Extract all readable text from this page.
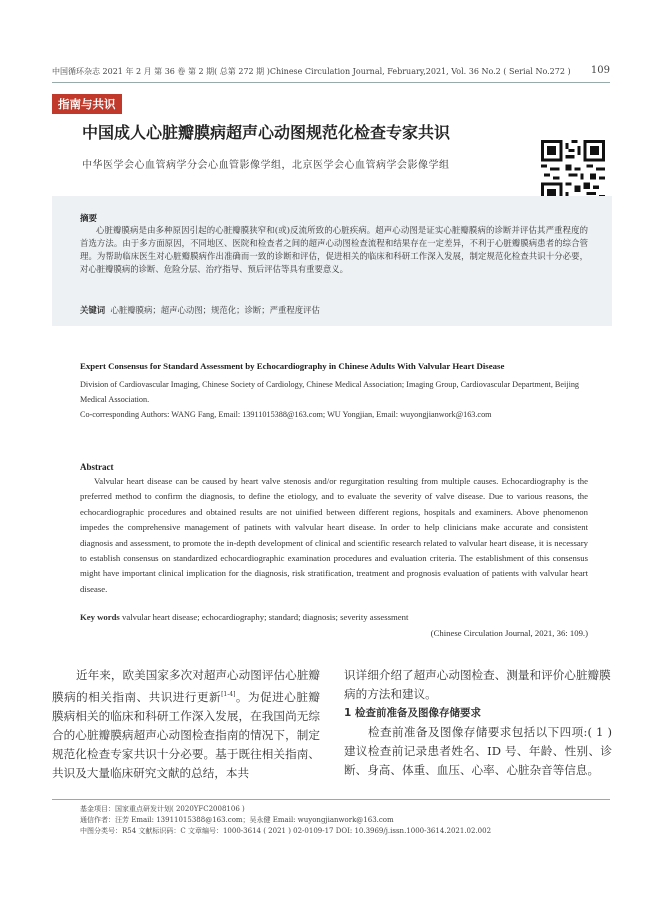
中国循环杂志 2021 年 2 月 第 36 卷 第 2 期( 总第 272 期 )Chinese Circulation Journal, February,2021, Vol. 36 No.2 ( Serial No.272 )	109
指南与共识
中国成人心脏瓣膜病超声心动图规范化检查专家共识
中华医学会心血管病学分会心血管影像学组，北京医学会心血管病学会影像学组
摘要
心脏瓣膜病是由多种原因引起的心脏瓣膜狭窄和(或)反流所致的心脏疾病。超声心动图是证实心脏瓣膜病的诊断并评估其严重程度的首选方法。由于多方面原因，不同地区、医院和检查者之间的超声心动图检查流程和结果存在一定差异，不利于心脏瓣膜病患者的综合管理。为帮助临床医生对心脏瓣膜病作出准确而一致的诊断和评估，促进相关的临床和科研工作深入发展，制定规范化检查共识十分必要，对心脏瓣膜病的诊断、危险分层、治疗指导、预后评估等具有重要意义。
关键词 心脏瓣膜病；超声心动图；规范化；诊断；严重程度评估
Expert Consensus for Standard Assessment by Echocardiography in Chinese Adults With Valvular Heart Disease
Division of Cardiovascular Imaging, Chinese Society of Cardiology, Chinese Medical Association; Imaging Group, Cardiovascular Department, Beijing Medical Association.
Co-corresponding Authors: WANG Fang, Email: 13911015388@163.com; WU Yongjian, Email: wuyongjianwork@163.com
Abstract
Valvular heart disease can be caused by heart valve stenosis and/or regurgitation resulting from multiple causes. Echocardiography is the preferred method to confirm the diagnosis, to define the etiology, and to evaluate the severity of valve disease. Due to various reasons, the echocardiographic procedures and obtained results are not uinified between different regions, hospitals and examiners. Above phenomenon impedes the comprehensive management of patinets with valvular heart disease. In order to help clinicians make accurate and consistent diagnosis and assessment, to promote the in-depth development of clinical and scientific research related to valvular heart disease, it is necessary to establish consensus on standardized echocardiographic examination procedures and evaluation criteria. The establishment of this consensus might have important clinical implication for the diagnosis, risk stratification, treatment and prognosis evaluation of patients with valvular heart disease.
Key words valvular heart disease; echocardiography; standard; diagnosis; severity assessment
(Chinese Circulation Journal, 2021, 36: 109.)
近年来，欧美国家多次对超声心动图评估心脏瓣膜病的相关指南、共识进行更新[1-4]。为促进心脏瓣膜病相关的临床和科研工作深入发展，在我国尚无综合的心脏瓣膜病超声心动图检查指南的情况下，制定规范化检查专家共识十分必要。基于既往相关指南、共识及大量临床研究文献的总结，本共
识详细介绍了超声心动图检查、测量和评价心脏瓣膜病的方法和建议。
1 检查前准备及图像存储要求
检查前准备及图像存储要求包括以下四项:( 1 ) 建议检查前记录患者姓名、ID 号、年龄、性别、诊断、身高、体重、血压、心率、心脏杂音等信息。
基金项目：国家重点研发计划( 2020YFC2008106 )
通信作者：汪芳 Email: 13911015388@163.com；吴永健 Email: wuyongjianwork@163.com
中图分类号：R54 文献标识码：C 文章编号：1000-3614 ( 2021 ) 02-0109-17 DOI: 10.3969/j.issn.1000-3614.2021.02.002
